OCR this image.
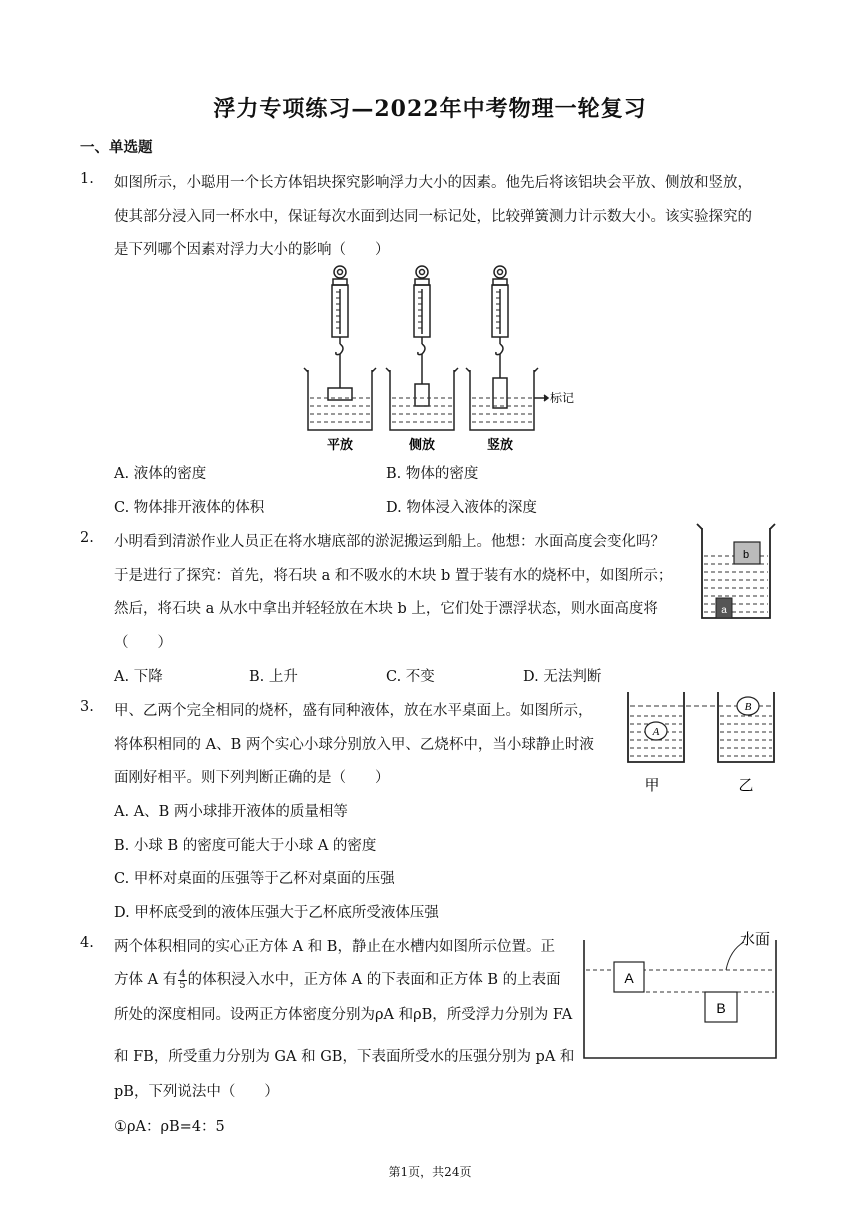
浮力专项练习—2022年中考物理一轮复习
一、单选题
1. 如图所示，小聪用一个长方体铝块探究影响浮力大小的因素。他先后将该铝块会平放、侧放和竖放，
使其部分浸入同一杯水中，保证每次水面到达同一标记处，比较弹簧测力计示数大小。该实验探究的
是下列哪个因素对浮力大小的影响（　　）
平放	侧放	竖放
标记
A. 液体的密度	B. 物体的密度
C. 物体排开液体的体积	D. 物体浸入液体的深度
2. 小明看到清淤作业人员正在将水塘底部的淤泥搬运到船上。他想：水面高度会变化吗？
于是进行了探究：首先，将石块 a 和不吸水的木块 b 置于装有水的烧杯中，如图所示；
然后，将石块 a 从水中拿出并轻轻放在木块 b 上，它们处于漂浮状态，则水面高度将
（　　）
b
a
A. 下降	B. 上升	C. 不变	D. 无法判断
3. 甲、乙两个完全相同的烧杯，盛有同种液体，放在水平桌面上。如图所示，
将体积相同的 A、B 两个实心小球分别放入甲、乙烧杯中，当小球静止时液
面刚好相平。则下列判断正确的是（　　）
A
B
甲	乙
A. A、B 两小球排开液体的质量相等
B. 小球 B 的密度可能大于小球 A 的密度
C. 甲杯对桌面的压强等于乙杯对桌面的压强
D. 甲杯底受到的液体压强大于乙杯底所受液体压强
4. 两个体积相同的实心正方体 A 和 B，静止在水槽内如图所示位置。正
方体 A 有 $\frac{4}{5}$ 的体积浸入水中，正方体 A 的下表面和正方体 B 的上表面
所处的深度相同。设两正方体密度分别为ρA 和ρB，所受浮力分别为 FA
和 FB，所受重力分别为 GA 和 GB，下表面所受水的压强分别为 pA 和
pB，下列说法中（　　）
①ρA：ρB=4：5
A
B
水面
第1页，共24页
